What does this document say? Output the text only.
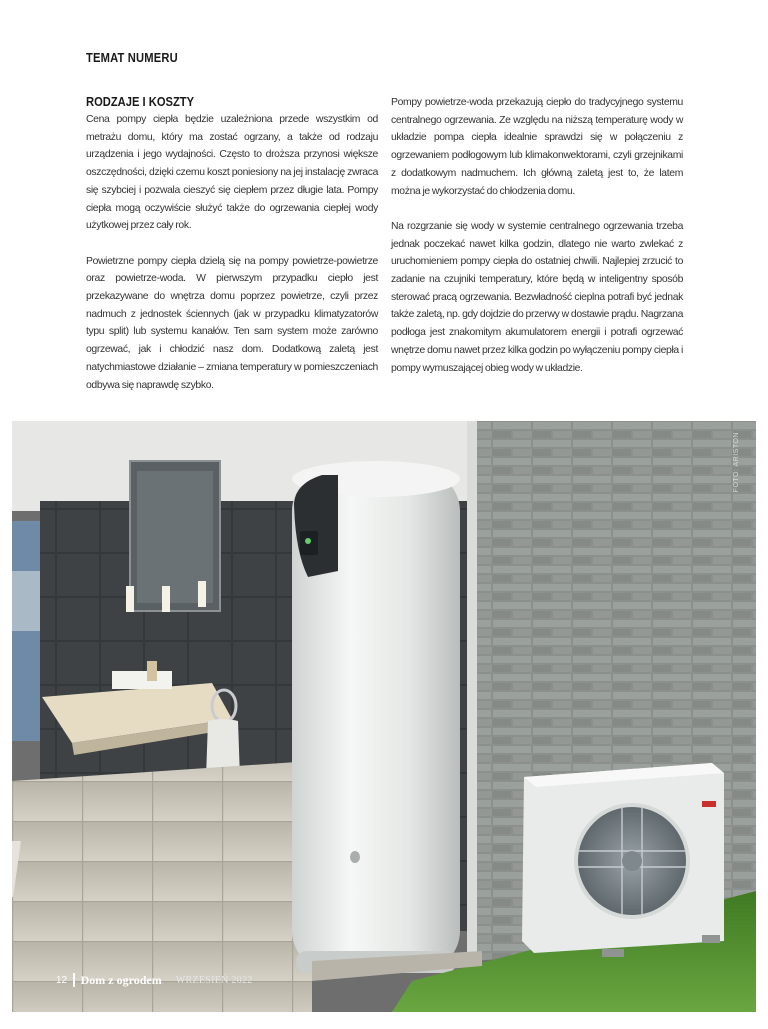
TEMAT NUMERU
RODZAJE I KOSZTY

Cena pompy ciepła będzie uzależniona przede wszystkim od metrażu domu, który ma zostać ogrzany, a także od rodzaju urządzenia i jego wydajności. Często to droższa przynosi większe oszczędności, dzięki czemu koszt poniesiony na jej instalację zwraca się szybciej i pozwala cieszyć się ciepłem przez długie lata. Pompy ciepła mogą oczywiście służyć także do ogrzewania ciepłej wody użytkowej przez cały rok.

Powietrzne pompy ciepła dzielą się na pompy powietrze-powietrze oraz powietrze-woda. W pierwszym przypadku ciepło jest przekazywane do wnętrza domu poprzez powietrze, czyli przez nadmuch z jednostek ściennych (jak w przypadku klimatyzatorów typu split) lub systemu kanałów. Ten sam system może zarówno ogrzewać, jak i chłodzić nasz dom. Dodatkową zaletą jest natychmiastowe działanie – zmiana temperatury w pomieszczeniach odbywa się naprawdę szybko.

Pompy powietrze-woda przekazują ciepło do tradycyjnego systemu centralnego ogrzewania. Ze względu na niższą temperaturę wody w układzie pompa ciepła idealnie sprawdzi się w połączeniu z ogrzewaniem podłogowym lub klimakonwektorami, czyli grzejnikami z dodatkowym nadmuchem. Ich główną zaletą jest to, że latem można je wykorzystać do chłodzenia domu.

Na rozgrzanie się wody w systemie centralnego ogrzewania trzeba jednak poczekać nawet kilka godzin, dlatego nie warto zwlekać z uruchomieniem pompy ciepła do ostatniej chwili. Najlepiej zrzucić to zadanie na czujniki temperatury, które będą w inteligentny sposób sterować pracą ogrzewania. Bezwładność cieplna potrafi być jednak także zaletą, np. gdy dojdzie do przerwy w dostawie prądu. Nagrzana podłoga jest znakomitym akumulatorem energii i potrafi ogrzewać wnętrze domu nawet przez kilka godzin po wyłączeniu pompy ciepła i pompy wymuszającej obieg wody w układzie.

FOTO: ARISTON
12 Dom z ogrodem WRZESIEŃ 2022
